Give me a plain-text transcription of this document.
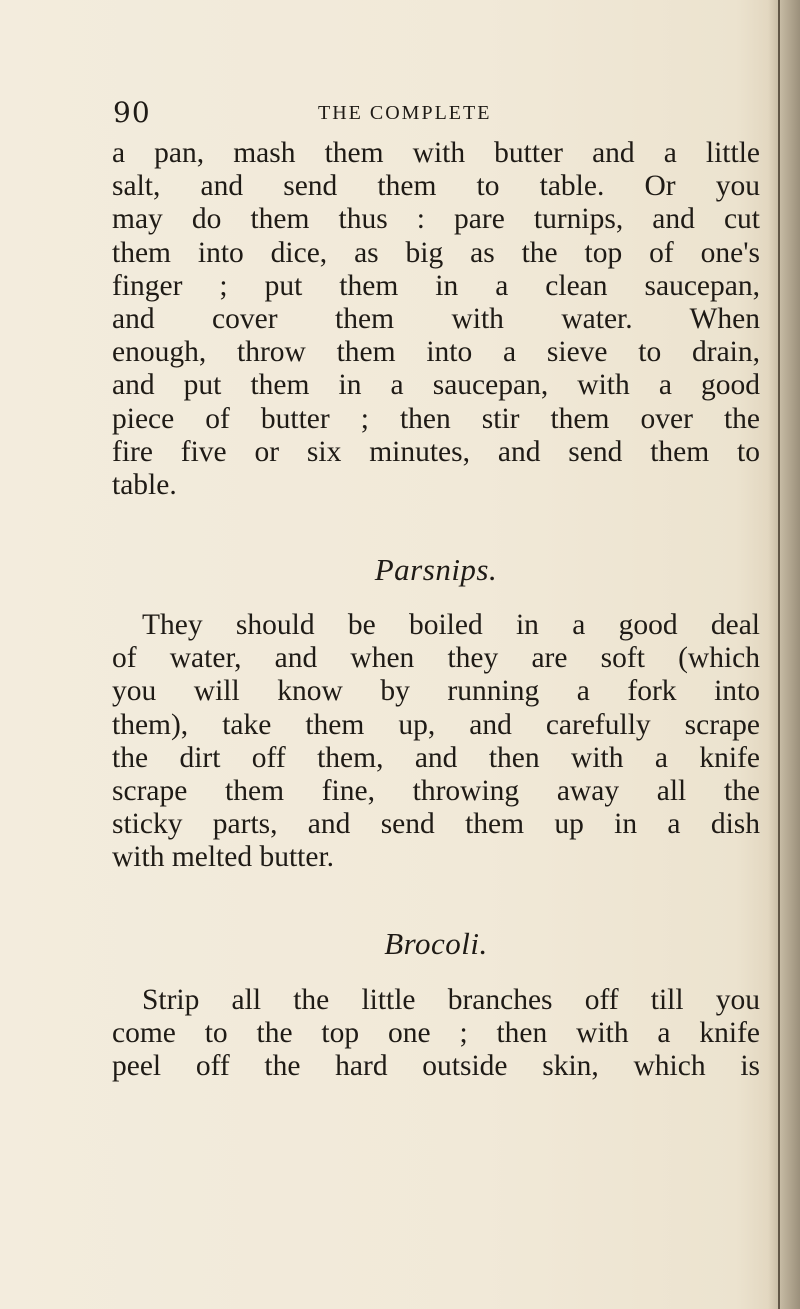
90	THE COMPLETE
a pan, mash them with butter and a little
salt, and send them to table. Or you
may do them thus : pare turnips, and cut
them into dice, as big as the top of one's
finger ; put them in a clean saucepan,
and cover them with water. When
enough, throw them into a sieve to drain,
and put them in a saucepan, with a good
piece of butter ; then stir them over the
fire five or six minutes, and send them to
table.
Parsnips.
They should be boiled in a good deal
of water, and when they are soft (which
you will know by running a fork into
them), take them up, and carefully scrape
the dirt off them, and then with a knife
scrape them fine, throwing away all the
sticky parts, and send them up in a dish
with melted butter.
Brocoli.
Strip all the little branches off till you
come to the top one ; then with a knife
peel off the hard outside skin, which is
